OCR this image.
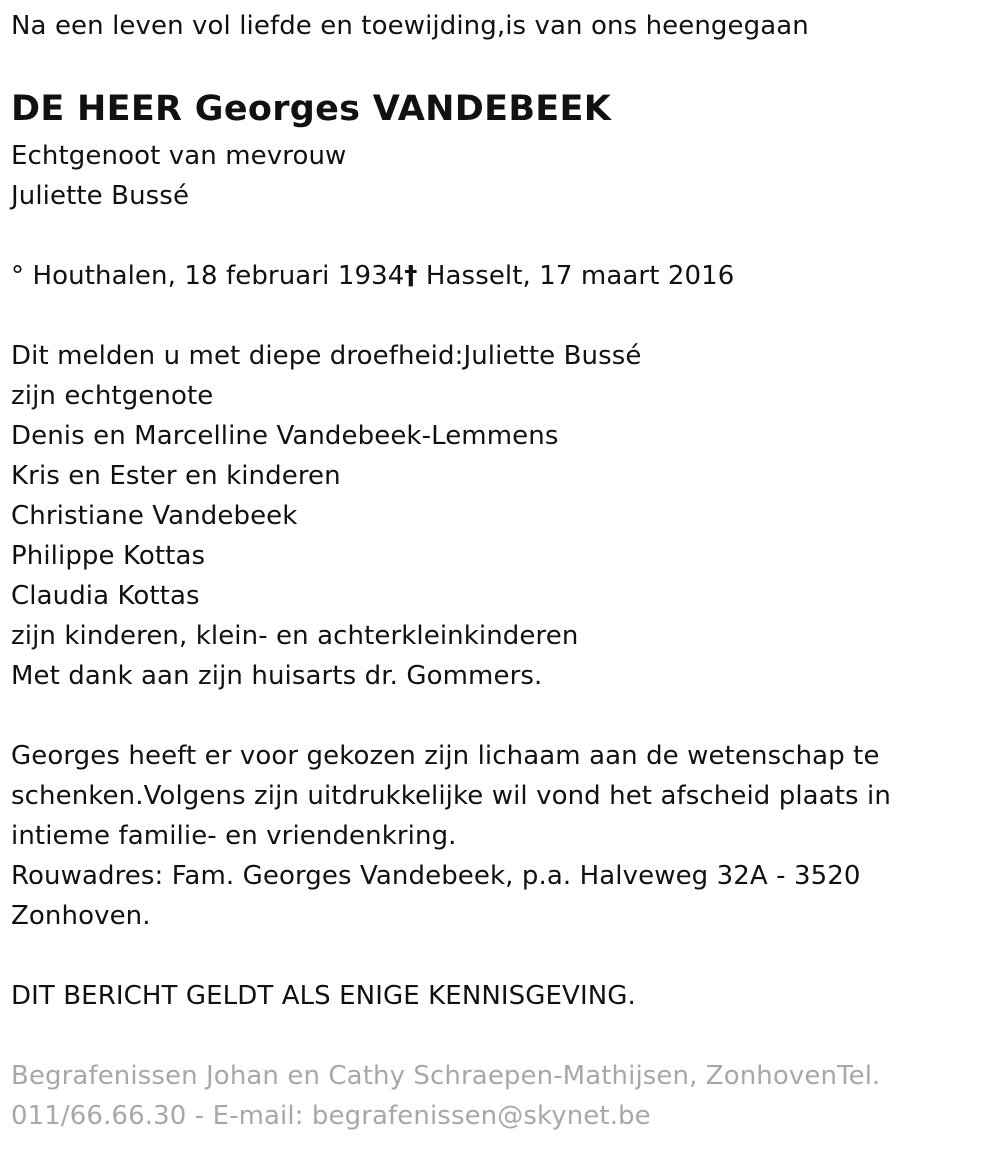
Na een leven vol liefde en toewijding,is van ons heengegaan
DE HEER Georges VANDEBEEK
Echtgenoot van mevrouw
Juliette Bussé
° Houthalen, 18 februari 1934† Hasselt, 17 maart 2016
Dit melden u met diepe droefheid:Juliette Bussé
zijn echtgenote
Denis en Marcelline Vandebeek-Lemmens
Kris en Ester en kinderen
Christiane Vandebeek
Philippe Kottas
Claudia Kottas
zijn kinderen, klein- en achterkleinkinderen
Met dank aan zijn huisarts dr. Gommers.
Georges heeft er voor gekozen zijn lichaam aan de wetenschap te
schenken.Volgens zijn uitdrukkelijke wil vond het afscheid plaats in
intieme familie- en vriendenkring.
Rouwadres: Fam. Georges Vandebeek, p.a. Halveweg 32A - 3520
Zonhoven.
DIT BERICHT GELDT ALS ENIGE KENNISGEVING.
Begrafenissen Johan en Cathy Schraepen-Mathijsen, ZonhovenTel.
011/66.66.30 - E-mail: begrafenissen@skynet.be
